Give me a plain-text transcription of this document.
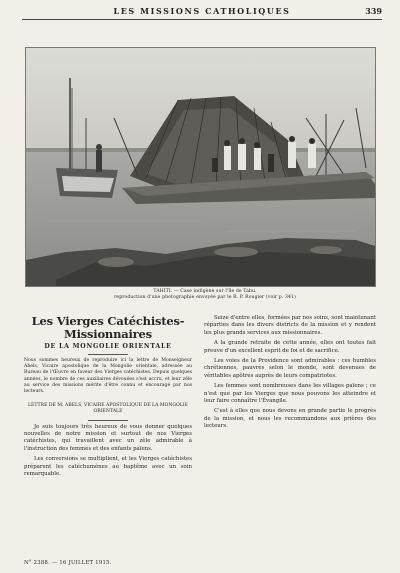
LES MISSIONS CATHOLIQUES	339
TAHITI. — Case indigène sur l'île de Tabu.
reproduction d'une photographie envoyée par le R. P. Rougier (voir p. 341)
Les Vierges Catéchistes-Missionnaires
DE LA MONGOLIE ORIENTALE

Nous sommes heureux de reproduire ici la lettre de Monseigneur Abels, Vicaire apostolique de la Mongolie orientale, adressée au Bureau de l'Œuvre en faveur des Vierges catéchistes. Depuis quelques années, le nombre de ces auxiliaires dévouées s'est accru, et leur zèle au service des missions mérite d'être connu et encouragé par nos lecteurs.

LETTRE DE M. ABELS, VICAIRE APOSTOLIQUE DE LA MONGOLIE ORIENTALE

Je suis toujours très heureux de vous donner quelques nouvelles de notre mission et surtout de nos Vierges catéchistes, qui travaillent avec un zèle admirable à l'instruction des femmes et des enfants païens.

Les conversions se multiplient, et les Vierges catéchistes préparent les catéchumènes au baptême avec un soin remarquable.

Seize d'entre elles, formées par nos soins, sont maintenant réparties dans les divers districts de la mission et y rendent les plus grands services aux missionnaires.

A la grande retraite de cette année, elles ont toutes fait preuve d'un excellent esprit de foi et de sacrifice.

Les voies de la Providence sont admirables : ces humbles chrétiennes, pauvres selon le monde, sont devenues de véritables apôtres auprès de leurs compatriotes.

Les femmes sont nombreuses dans les villages païens ; ce n'est que par les Vierges que nous pouvons les atteindre et leur faire connaître l'Évangile.

C'est à elles que nous devons en grande partie le progrès de la mission, et nous les recommandons aux prières des lecteurs.

N° 2388. — 16 JUILLET 1915.
